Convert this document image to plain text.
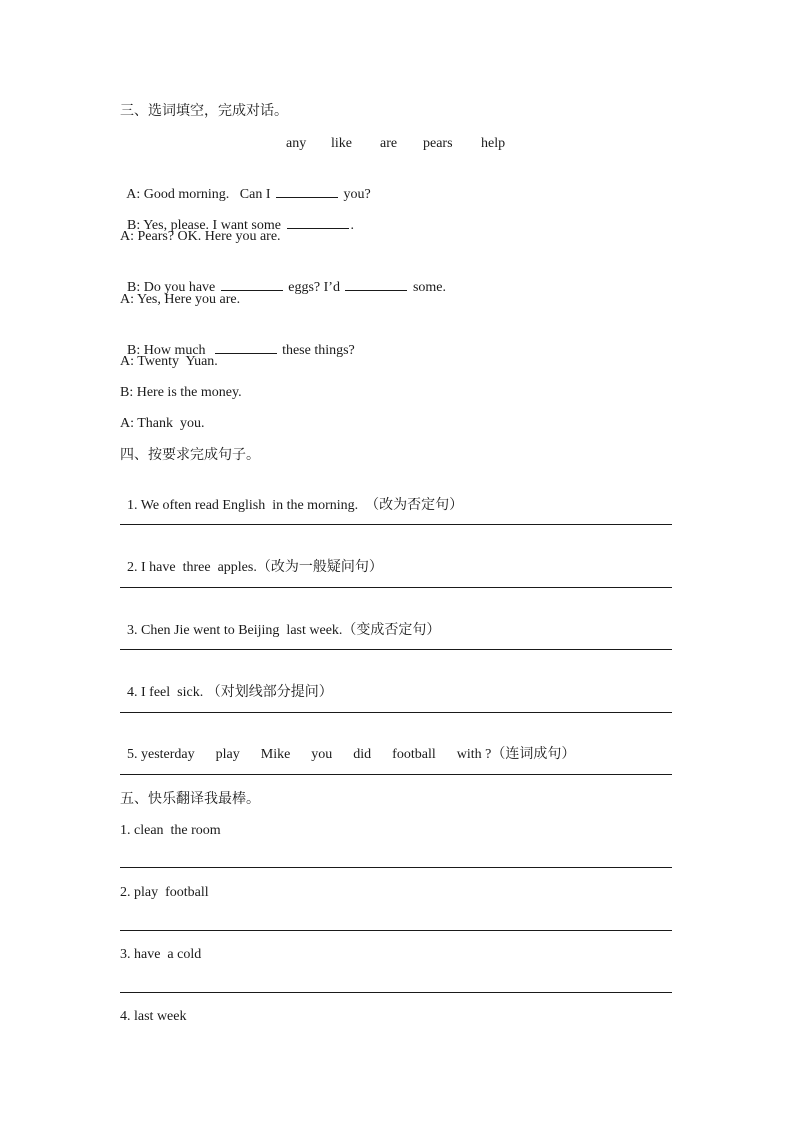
三、选词填空，完成对话。
any like are pears help

A: Good morning.   Can I	you?

B: Yes, please. I want some	.

A: Pears? OK. Here you are.

B: Do you have	eggs? I’d	some.

A: Yes, Here you are.

B: How much	these things?

A: Twenty  Yuan.
B: Here is the money.
A: Thank  you.
四、按要求完成句子。

1. We often read English  in the morning.  （改为否定句）

2. I have  three  apples.（改为一般疑问句）

3. Chen Jie went to Beijing  last week.（变成否定句）

4. I feel  sick. （对划线部分提问）

5. yesterday      play      Mike      you      did      football      with ?（连词成句）

五、快乐翻译我最棒。
1. clean  the room
2. play  football
3. have  a cold
4. last week
